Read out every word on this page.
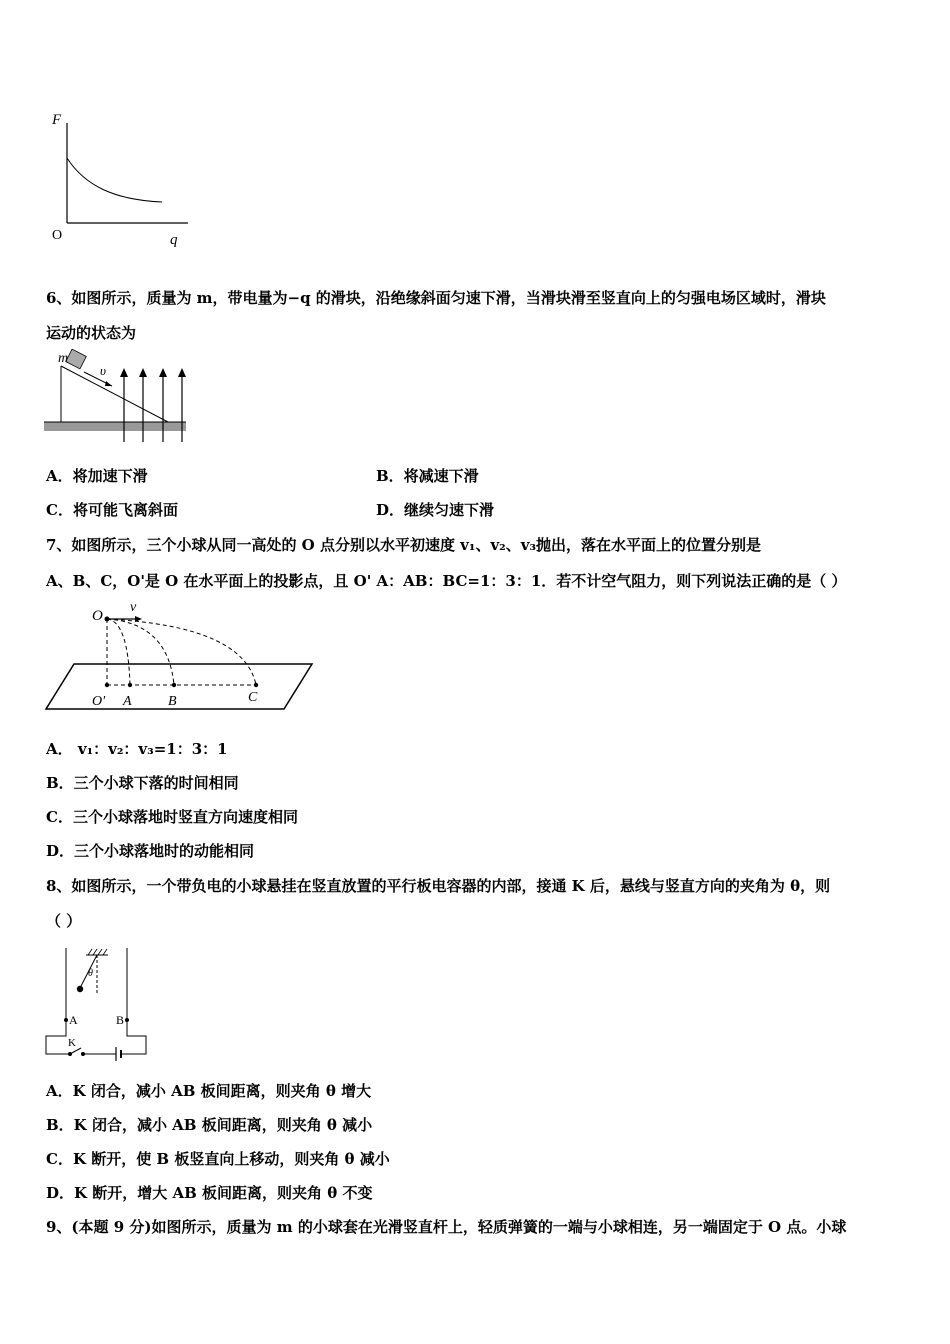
F
O	q
6、如图所示，质量为 m，带电量为−q 的滑块，沿绝缘斜面匀速下滑，当滑块滑至竖直向上的匀强电场区域时，滑块
运动的状态为
m
υ
A．将加速下滑	B．将减速下滑
C．将可能飞离斜面	D．继续匀速下滑
7、如图所示，三个小球从同一高处的 O 点分别以水平初速度 v₁、v₂、v₃抛出，落在水平面上的位置分别是
A、B、C，O'是 O 在水平面上的投影点，且 O' A：AB：BC=1：3：1．若不计空气阻力，则下列说法正确的是（ ）
O
v
O' A	B	C
A． v₁：v₂：v₃=1：3：1
B．三个小球下落的时间相同
C．三个小球落地时竖直方向速度相同
D．三个小球落地时的动能相同
8、如图所示，一个带负电的小球悬挂在竖直放置的平行板电容器的内部，接通 K 后，悬线与竖直方向的夹角为 θ，则
（ ）
θ
A	B
K
A．K 闭合，减小 AB 板间距离，则夹角 θ 增大
B．K 闭合，减小 AB 板间距离，则夹角 θ 减小
C．K 断开，使 B 板竖直向上移动，则夹角 θ 减小
D．K 断开，增大 AB 板间距离，则夹角 θ 不变
9、(本题 9 分)如图所示，质量为 m 的小球套在光滑竖直杆上，轻质弹簧的一端与小球相连，另一端固定于 O 点。小球
